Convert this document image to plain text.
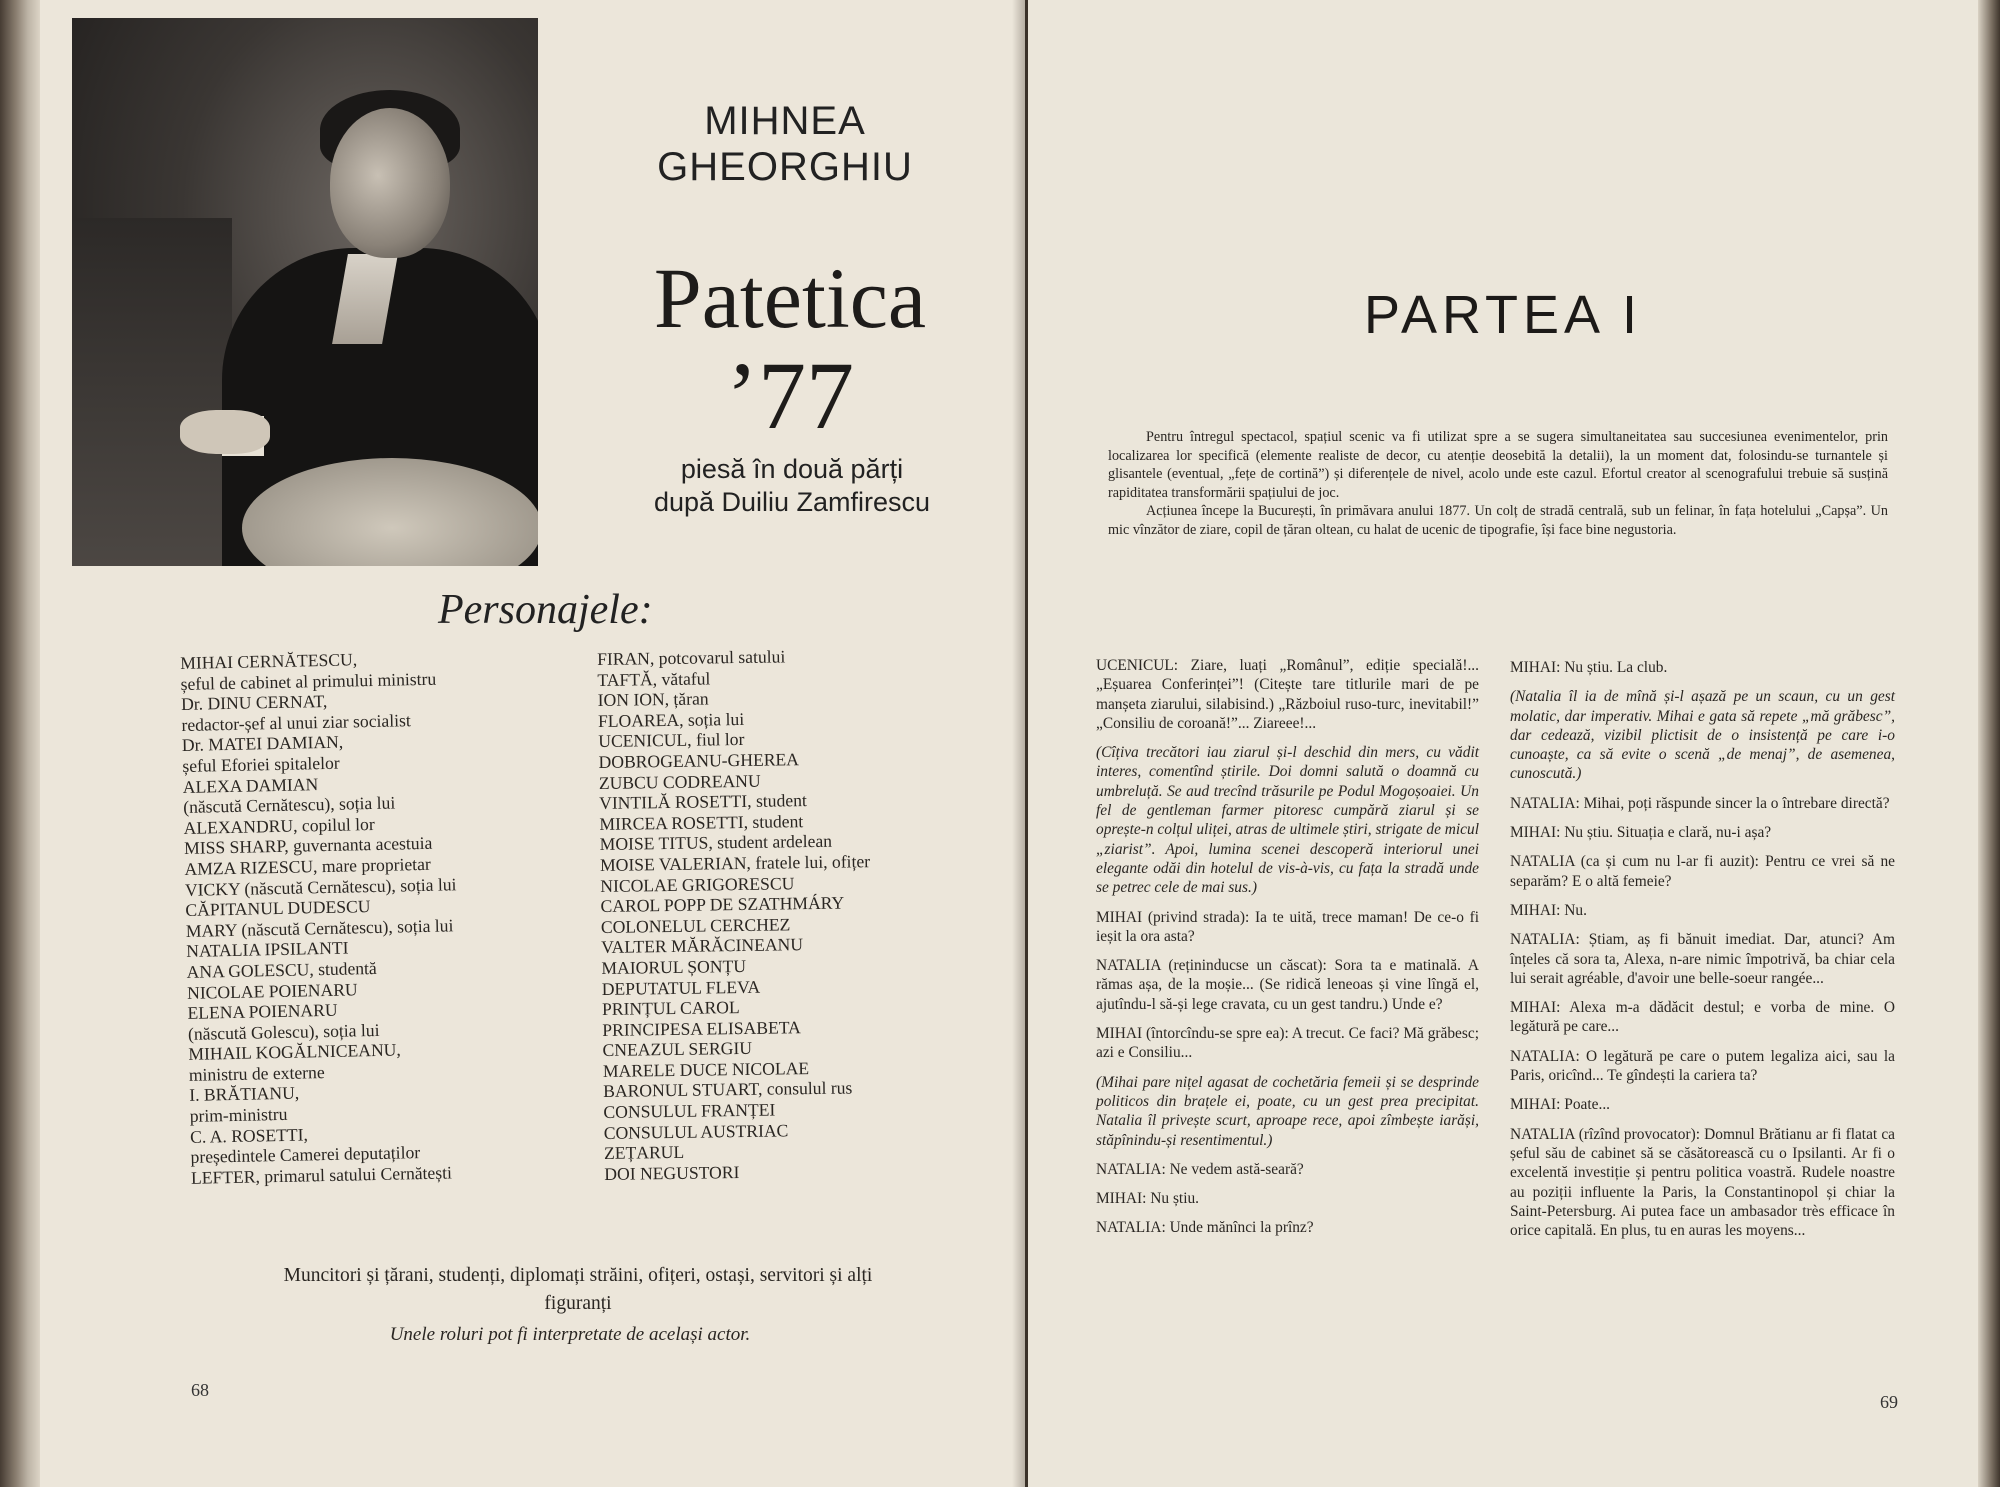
MIHNEA
GHEORGHIU
Patetica
’77
piesă în două părți
după Duiliu Zamfirescu
Personajele:
MIHAI CERNĂTESCU,
șeful de cabinet al primului ministru
Dr. DINU CERNAT,
redactor-șef al unui ziar socialist
Dr. MATEI DAMIAN,
șeful Eforiei spitalelor
ALEXA DAMIAN
(născută Cernătescu), soția lui
ALEXANDRU, copilul lor
MISS SHARP, guvernanta acestuia
AMZA RIZESCU, mare proprietar
VICKY (născută Cernătescu), soția lui
CĂPITANUL DUDESCU
MARY (născută Cernătescu), soția lui
NATALIA IPSILANTI
ANA GOLESCU, studentă
NICOLAE POIENARU
ELENA POIENARU
(născută Golescu), soția lui
MIHAIL KOGĂLNICEANU,
ministru de externe
I. BRĂTIANU,
prim-ministru
C. A. ROSETTI,
președintele Camerei deputaților
LEFTER, primarul satului Cernătești
FIRAN, potcovarul satului
TAFTĂ, vătaful
ION ION, țăran
FLOAREA, soția lui
UCENICUL, fiul lor
DOBROGEANU-GHEREA
ZUBCU CODREANU
VINTILĂ ROSETTI, student
MIRCEA ROSETTI, student
MOISE TITUS, student ardelean
MOISE VALERIAN, fratele lui, ofițer
NICOLAE GRIGORESCU
CAROL POPP DE SZATHMÁRY
COLONELUL CERCHEZ
VALTER MĂRĂCINEANU
MAIORUL ȘONȚU
DEPUTATUL FLEVA
PRINȚUL CAROL
PRINCIPESA ELISABETA
CNEAZUL SERGIU
MARELE DUCE NICOLAE
BARONUL STUART, consulul rus
CONSULUL FRANȚEI
CONSULUL AUSTRIAC
ZEȚARUL
DOI NEGUSTORI
Muncitori și țărani, studenți, diplomați străini, ofițeri, ostași, servitori și alți
figuranți
Unele roluri pot fi interpretate de același actor.
68
PARTEA I

Pentru întregul spectacol, spațiul scenic va fi utilizat spre a se sugera simultaneitatea sau succesiunea evenimentelor, prin localizarea lor specifică (elemente realiste de decor, cu atenție deosebită la detalii), la un moment dat, folosindu-se turnantele și glisantele (eventual, „fețe de cortină”) și diferențele de nivel, acolo unde este cazul. Efortul creator al scenografului trebuie să susțină rapiditatea transformării spațiului de joc.

Acțiunea începe la București, în primăvara anului 1877. Un colț de stradă centrală, sub un felinar, în fața hotelului „Capșa”. Un mic vînzător de ziare, copil de țăran oltean, cu halat de ucenic de tipografie, își face bine negustoria.

UCENICUL: Ziare, luați „Românul”, ediție specială!... „Eșuarea Conferinței”! (Citește tare titlurile mari de pe manșeta ziarului, silabisind.) „Războiul ruso-turc, inevitabil!” „Consiliu de coroană!”... Ziareee!...

(Cîțiva trecători iau ziarul și-l deschid din mers, cu vădit interes, comentînd știrile. Doi domni salută o doamnă cu umbreluță. Se aud trecînd trăsurile pe Podul Mogoșoaiei. Un fel de gentleman farmer pitoresc cumpără ziarul și se oprește-n colțul uliței, atras de ultimele știri, strigate de micul „ziarist”. Apoi, lumina scenei descoperă interiorul unei elegante odăi din hotelul de vis-à-vis, cu fața la stradă unde se petrec cele de mai sus.)

MIHAI (privind strada): Ia te uită, trece maman! De ce-o fi ieșit la ora asta?

NATALIA (rețininducse un căscat): Sora ta e matinală. A rămas așa, de la moșie... (Se ridică leneoas și vine lîngă el, ajutîndu-l să-și lege cravata, cu un gest tandru.) Unde e?

MIHAI (întorcîndu-se spre ea): A trecut. Ce faci? Mă grăbesc; azi e Consiliu...

(Mihai pare nițel agasat de cochetăria femeii și se desprinde politicos din brațele ei, poate, cu un gest prea precipitat. Natalia îl privește scurt, aproape rece, apoi zîmbește iarăși, stăpînindu-și resentimentul.)

NATALIA: Ne vedem astă-seară?

MIHAI: Nu știu.

NATALIA: Unde mănînci la prînz?

MIHAI: Nu știu. La club.

(Natalia îl ia de mînă și-l așază pe un scaun, cu un gest molatic, dar imperativ. Mihai e gata să repete „mă grăbesc”, dar cedează, vizibil plictisit de o insistență pe care i-o cunoaște, ca să evite o scenă „de menaj”, de asemenea, cunoscută.)

NATALIA: Mihai, poți răspunde sincer la o întrebare directă?

MIHAI: Nu știu. Situația e clară, nu-i așa?

NATALIA (ca și cum nu l-ar fi auzit): Pentru ce vrei să ne separăm? E o altă femeie?

MIHAI: Nu.

NATALIA: Știam, aș fi bănuit imediat. Dar, atunci? Am înțeles că sora ta, Alexa, n-are nimic împotrivă, ba chiar cela lui serait agréable, d'avoir une belle-soeur rangée...

MIHAI: Alexa m-a dădăcit destul; e vorba de mine. O legătură pe care...

NATALIA: O legătură pe care o putem legaliza aici, sau la Paris, oricînd... Te gîndești la cariera ta?

MIHAI: Poate...

NATALIA (rîzînd provocator): Domnul Brătianu ar fi flatat ca șeful său de cabinet să se căsătorească cu o Ipsilanti. Ar fi o excelentă investiție și pentru politica voastră. Rudele noastre au poziții influente la Paris, la Constantinopol și chiar la Saint-Petersburg. Ai putea face un ambasador très efficace în orice capitală. En plus, tu en auras les moyens...

69
